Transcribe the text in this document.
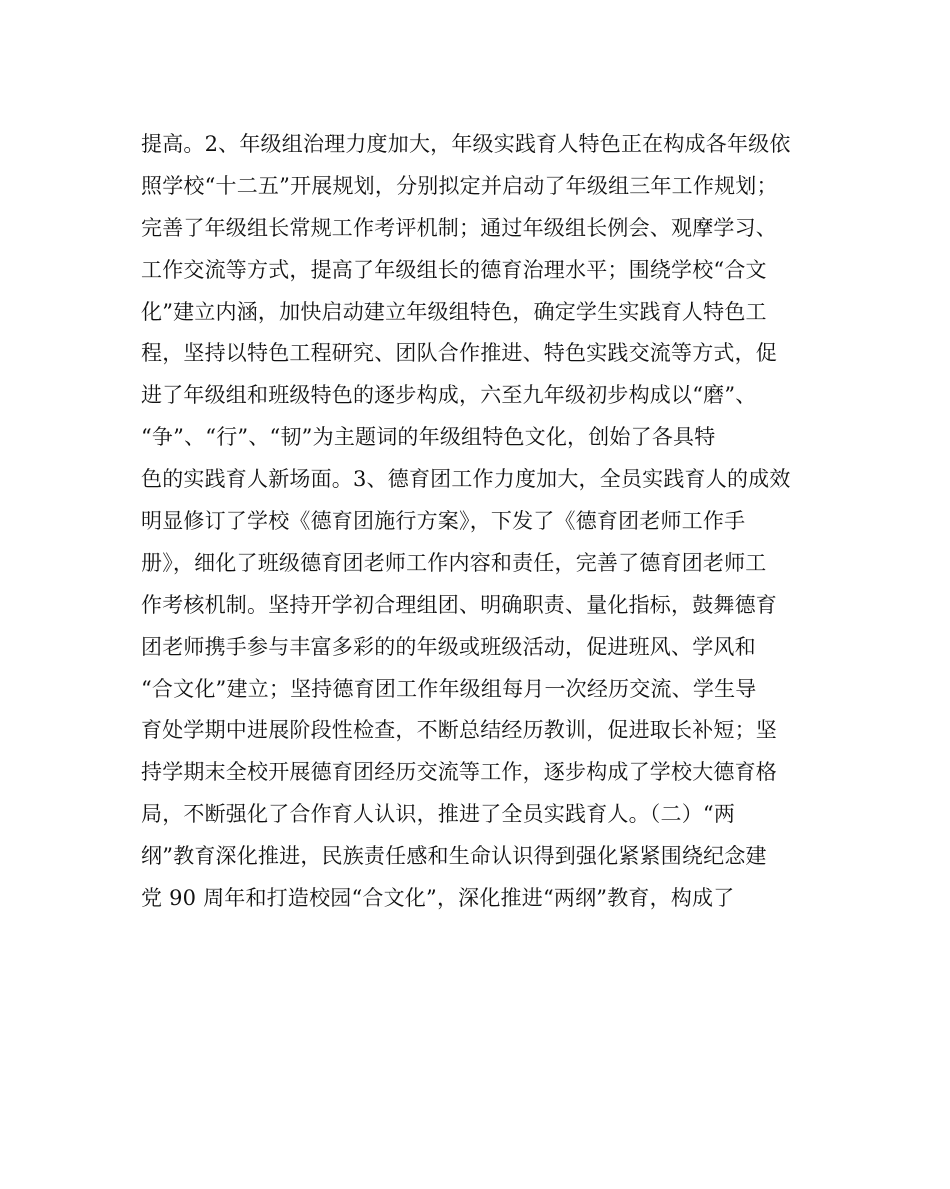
提高。2、年级组治理力度加大，年级实践育人特色正在构成各年级依
照学校“十二五”开展规划，分别拟定并启动了年级组三年工作规划；
完善了年级组长常规工作考评机制；通过年级组长例会、观摩学习、
工作交流等方式，提高了年级组长的德育治理水平；围绕学校“合文
化”建立内涵，加快启动建立年级组特色，确定学生实践育人特色工
程，坚持以特色工程研究、团队合作推进、特色实践交流等方式，促
进了年级组和班级特色的逐步构成，六至九年级初步构成以“磨”、
“争”、“行”、“韧”为主题词的年级组特色文化，创始了各具特
色的实践育人新场面。3、德育团工作力度加大，全员实践育人的成效
明显修订了学校《德育团施行方案》，下发了《德育团老师工作手
册》，细化了班级德育团老师工作内容和责任，完善了德育团老师工
作考核机制。坚持开学初合理组团、明确职责、量化指标，鼓舞德育
团老师携手参与丰富多彩的的年级或班级活动，促进班风、学风和
“合文化”建立；坚持德育团工作年级组每月一次经历交流、学生导
育处学期中进展阶段性检查，不断总结经历教训，促进取长补短；坚
持学期末全校开展德育团经历交流等工作，逐步构成了学校大德育格
局，不断强化了合作育人认识，推进了全员实践育人。（二）“两
纲”教育深化推进，民族责任感和生命认识得到强化紧紧围绕纪念建
党 90 周年和打造校园“合文化”，深化推进“两纲”教育，构成了
